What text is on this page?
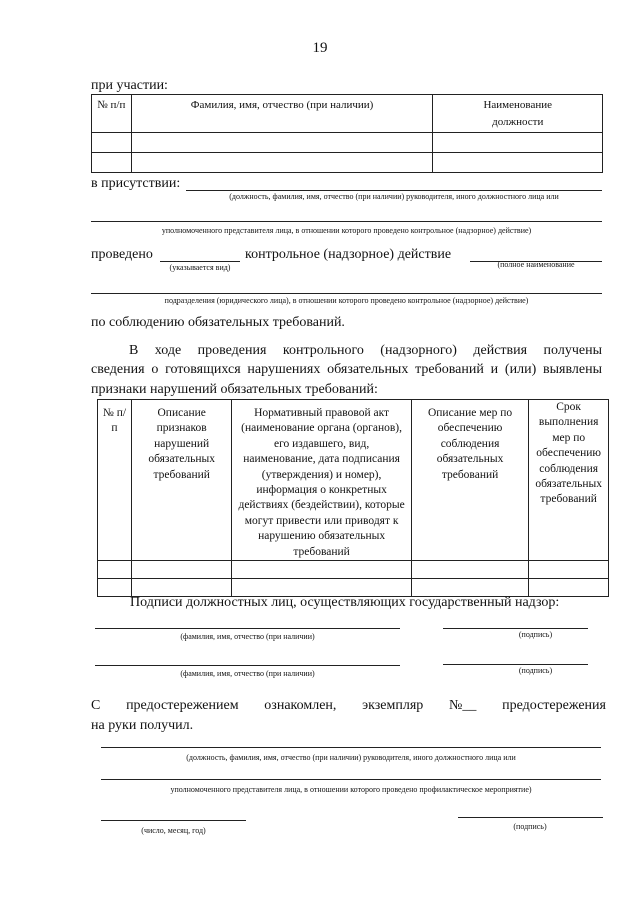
19
при участии:
№ п/п	Фамилия, имя, отчество (при наличии)	Наименование должности

в присутствии:
(должность, фамилия, имя, отчество (при наличии) руководителя, иного должностного лица или
уполномоченного представителя лица, в отношении которого проведено контрольное (надзорное) действие)
проведено
(указывается вид)
контрольное (надзорное) действие
(полное наименование
подразделения (юридического лица), в отношении которого проведено контрольное (надзорное) действие)
по соблюдению обязательных требований.
В ходе проведения контрольного (надзорного) действия получены
сведения о готовящихся нарушениях обязательных требований и (или) выявлены
признаки нарушений обязательных требований:
№ п/п	Описание признаков нарушений обязательных требований	Нормативный правовой акт (наименование органа (органов), его издавшего, вид, наименование, дата подписания (утверждения) и номер), информация о конкретных действиях (бездействии), которые могут привести или приводят к нарушению обязательных требований	Описание мер по обеспечению соблюдения обязательных требований	Срок выполнения мер по обеспечению соблюдения обязательных требований

Подписи должностных лиц, осуществляющих государственный надзор:
(фамилия, имя, отчество (при наличии)	(подпись)
(фамилия, имя, отчество (при наличии)	(подпись)
С предостережением ознакомлен, экземпляр №__ предостережения
на руки получил.
(должность, фамилия, имя, отчество (при наличии) руководителя, иного должностного лица или
уполномоченного представителя лица, в отношении которого проведено профилактическое мероприятие)
(число, месяц, год)	(подпись)
